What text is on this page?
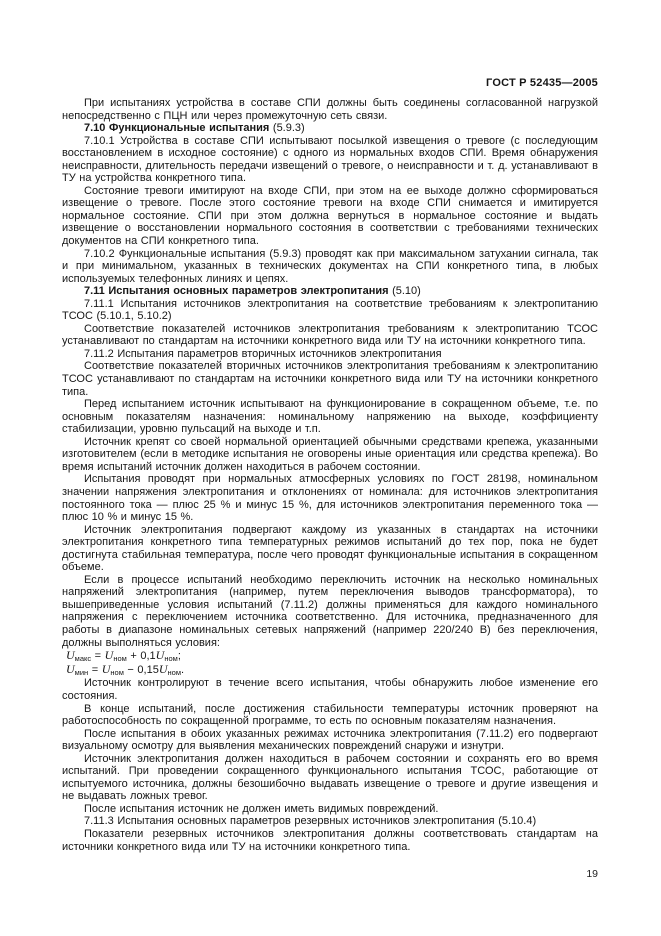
ГОСТ Р 52435—2005

При испытаниях устройства в составе СПИ должны быть соединены согласованной нагрузкой непосредственно с ПЦН или через промежуточную сеть связи.

7.10 Функциональные испытания (5.9.3)

7.10.1 Устройства в составе СПИ испытывают посылкой извещения о тревоге (с последующим восстановлением в исходное состояние) с одного из нормальных входов СПИ. Время обнаружения неисправности, длительность передачи извещений о тревоге, о неисправности и т. д. устанавливают в ТУ на устройства конкретного типа.

Состояние тревоги имитируют на входе СПИ, при этом на ее выходе должно сформироваться извещение о тревоге. После этого состояние тревоги на входе СПИ снимается и имитируется нормальное состояние. СПИ при этом должна вернуться в нормальное состояние и выдать извещение о восстановлении нормального состояния в соответствии с требованиями технических документов на СПИ конкретного типа.

7.10.2 Функциональные испытания (5.9.3) проводят как при максимальном затухании сигнала, так и при минимальном, указанных в технических документах на СПИ конкретного типа, в любых используемых телефонных линиях и цепях.

7.11 Испытания основных параметров электропитания (5.10)

7.11.1 Испытания источников электропитания на соответствие требованиям к электропитанию ТСОС (5.10.1, 5.10.2)

Соответствие показателей источников электропитания требованиям к электропитанию ТСОС устанавливают по стандартам на источники конкретного вида или ТУ на источники конкретного типа.

7.11.2 Испытания параметров вторичных источников электропитания

Соответствие показателей вторичных источников электропитания требованиям к электропитанию ТСОС устанавливают по стандартам на источники конкретного вида или ТУ на источники конкретного типа.

Перед испытанием источник испытывают на функционирование в сокращенном объеме, т.е. по основным показателям назначения: номинальному напряжению на выходе, коэффициенту стабилизации, уровню пульсаций на выходе и т.п.

Источник крепят со своей нормальной ориентацией обычными средствами крепежа, указанными изготовителем (если в методике испытания не оговорены иные ориентация или средства крепежа). Во время испытаний источник должен находиться в рабочем состоянии.

Испытания проводят при нормальных атмосферных условиях по ГОСТ 28198, номинальном значении напряжения электропитания и отклонениях от номинала: для источников электропитания постоянного тока — плюс 25 % и минус 15 %, для источников электропитания переменного тока — плюс 10 % и минус 15 %.

Источник электропитания подвергают каждому из указанных в стандартах на источники электропитания конкретного типа температурных режимов испытаний до тех пор, пока не будет достигнута стабильная температура, после чего проводят функциональные испытания в сокращенном объеме.

Если в процессе испытаний необходимо переключить источник на несколько номинальных напряжений электропитания (например, путем переключения выводов трансформатора), то вышеприведенные условия испытаний (7.11.2) должны применяться для каждого номинального напряжения с переключением источника соответственно. Для источника, предназначенного для работы в диапазоне номинальных сетевых напряжений (например 220/240 В) без переключения, должны выполняться условия:

$U_{макс} = U_{ном} + 0,1U_{ном}$;

$U_{мин} = U_{ном} - 0,15U_{ном}$.

Источник контролируют в течение всего испытания, чтобы обнаружить любое изменение его состояния.

В конце испытаний, после достижения стабильности температуры источник проверяют на работоспособность по сокращенной программе, то есть по основным показателям назначения.

После испытания в обоих указанных режимах источника электропитания (7.11.2) его подвергают визуальному осмотру для выявления механических повреждений снаружи и изнутри.

Источник электропитания должен находиться в рабочем состоянии и сохранять его во время испытаний. При проведении сокращенного функционального испытания ТСОС, работающие от испытуемого источника, должны безошибочно выдавать извещение о тревоге и другие извещения и не выдавать ложных тревог.

После испытания источник не должен иметь видимых повреждений.

7.11.3 Испытания основных параметров резервных источников электропитания (5.10.4)

Показатели резервных источников электропитания должны соответствовать стандартам на источники конкретного вида или ТУ на источники конкретного типа.

19
